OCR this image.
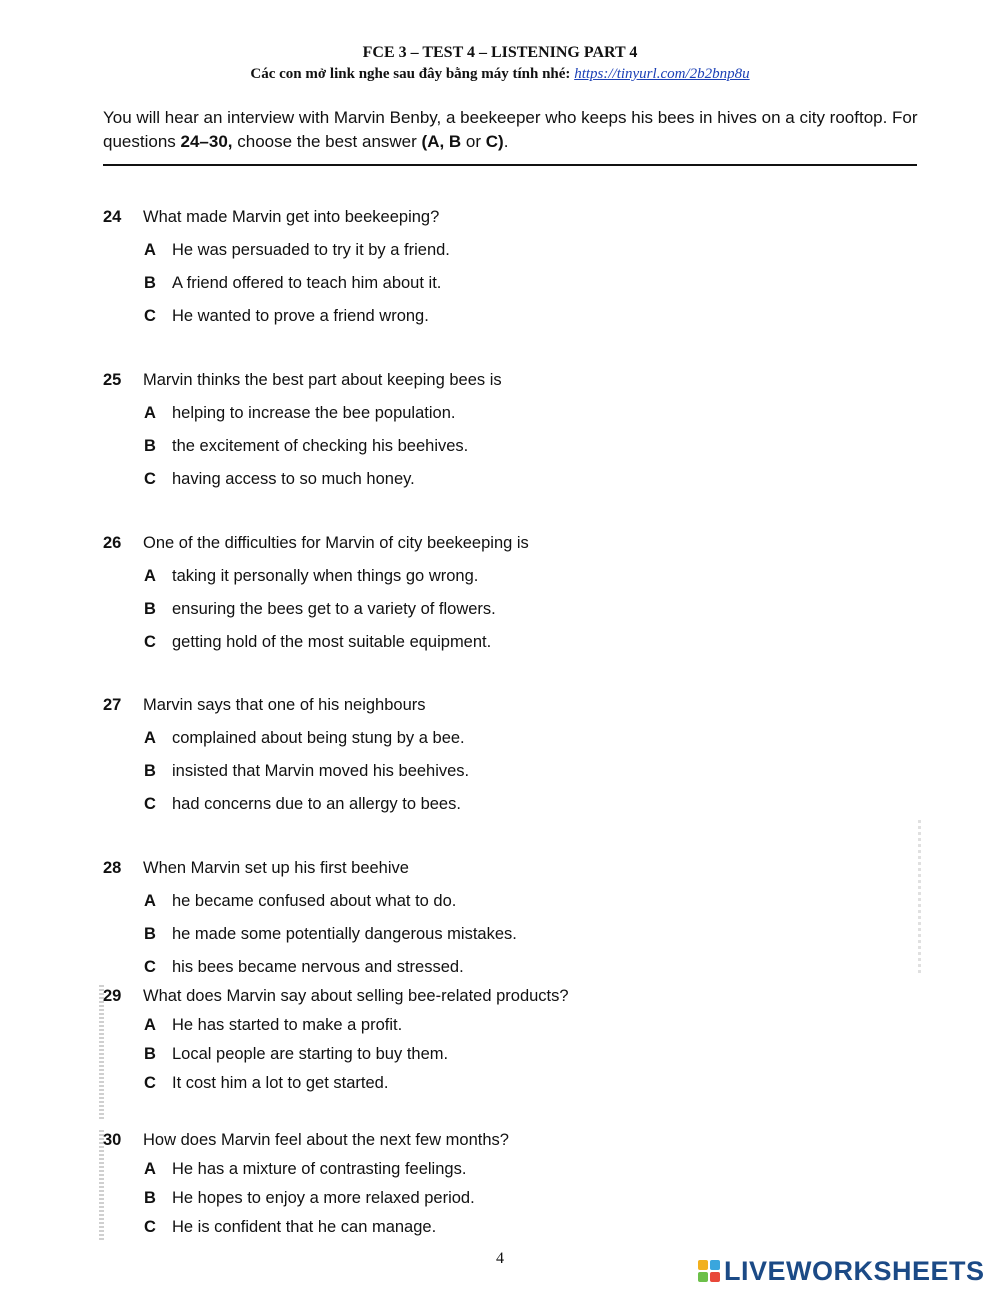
FCE 3 – TEST 4 – LISTENING PART 4
Các con mở link nghe sau đây bằng máy tính nhé: https://tinyurl.com/2b2bnp8u
You will hear an interview with Marvin Benby, a beekeeper who keeps his bees in hives on a city rooftop. For questions 24–30, choose the best answer (A, B or C).
24 What made Marvin get into beekeeping?
A He was persuaded to try it by a friend.
B A friend offered to teach him about it.
C He wanted to prove a friend wrong.
25 Marvin thinks the best part about keeping bees is
A helping to increase the bee population.
B the excitement of checking his beehives.
C having access to so much honey.
26 One of the difficulties for Marvin of city beekeeping is
A taking it personally when things go wrong.
B ensuring the bees get to a variety of flowers.
C getting hold of the most suitable equipment.
27 Marvin says that one of his neighbours
A complained about being stung by a bee.
B insisted that Marvin moved his beehives.
C had concerns due to an allergy to bees.
28 When Marvin set up his first beehive
A he became confused about what to do.
B he made some potentially dangerous mistakes.
C his bees became nervous and stressed.
29 What does Marvin say about selling bee-related products?
A He has started to make a profit.
B Local people are starting to buy them.
C It cost him a lot to get started.
30 How does Marvin feel about the next few months?
A He has a mixture of contrasting feelings.
B He hopes to enjoy a more relaxed period.
C He is confident that he can manage.
4	LIVEWORKSHEETS
